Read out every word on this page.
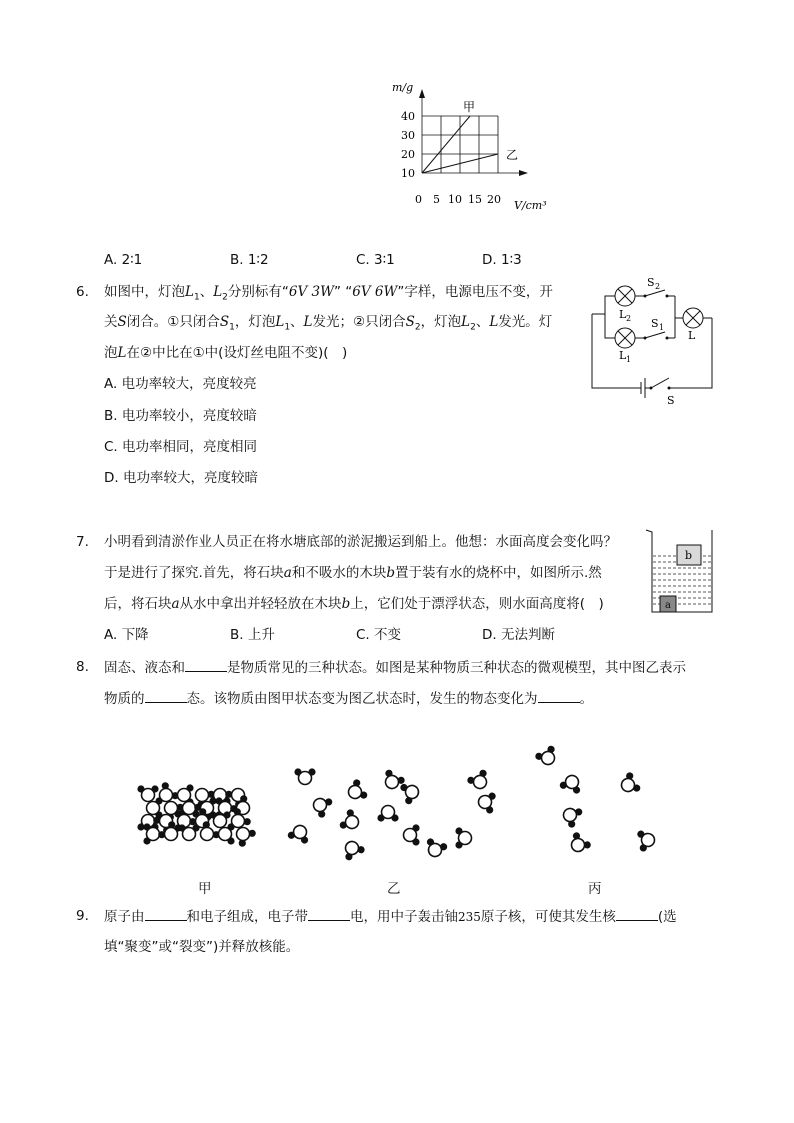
m/g
40
30
20
10
0 5 10 15 20 V/cm³
甲
乙
A. 2∶1	B. 1∶2	C. 3∶1	D. 1∶3
6. 如图中，灯泡$L_1$、$L_2$分别标有“6V 3W” “6V 6W”字样，电源电压不变，开
关S闭合。①只闭合$S_1$，灯泡$L_1$、L发光；②只闭合$S_2$，灯泡$L_2$、L发光。灯
泡L在②中比在①中(设灯丝电阻不变)(　)
A. 电功率较大，亮度较亮
B. 电功率较小，亮度较暗
C. 电功率相同，亮度相同
D. 电功率较大，亮度较暗
S 2
L 2 S 1
L 1
L
S
7. 小明看到清淤作业人员正在将水塘底部的淤泥搬运到船上。他想：水面高度会变化吗？
于是进行了探究.首先，将石块a和不吸水的木块b置于装有水的烧杯中，如图所示.然
后，将石块a从水中拿出并轻轻放在木块b上，它们处于漂浮状态，则水面高度将(　)
A. 下降	B. 上升	C. 不变	D. 无法判断
b
a
8. 固态、液态和	是物质常见的三种状态。如图是某种物质三种状态的微观模型，其中图乙表示
物质的	态。该物质由图甲状态变为图乙状态时，发生的物态变化为	。
甲	乙	丙
9. 原子由	和电子组成，电子带	电，用中子轰击铀235原子核，可使其发生核	(选
填“聚变”或“裂变”)并释放核能。
